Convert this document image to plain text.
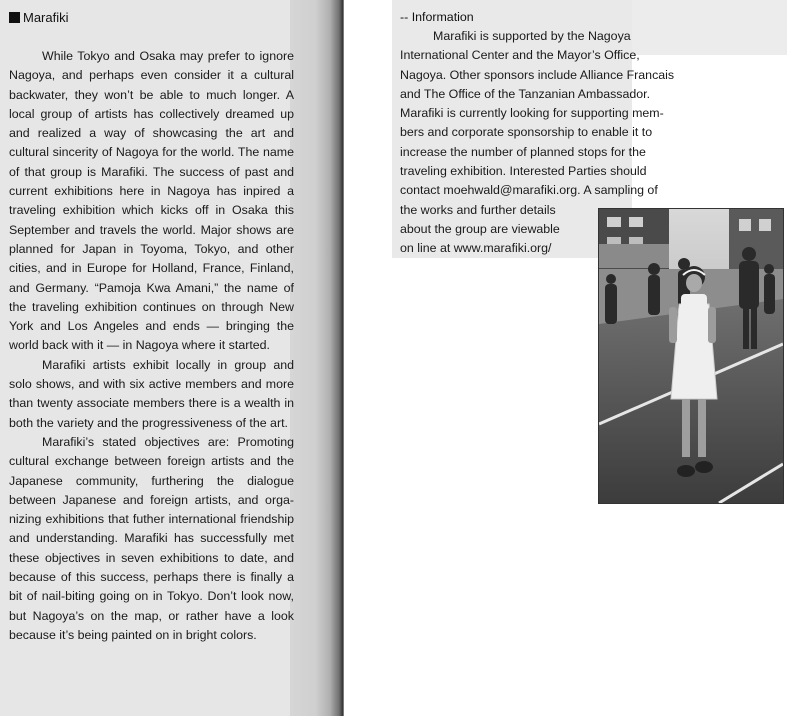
Marafiki

While Tokyo and Osaka may prefer to ignore Nagoya, and perhaps even consider it a cultural backwater, they won’t be able to much longer. A local group of artists has collectively dreamed up and realized a way of showcasing the art and cultural sincerity of Nagoya for the world. The name of that group is Marafiki. The success of past and current exhibitions here in Nagoya has inpired a traveling exhibition which kicks off in Osaka this September and travels the world. Major shows are planned for Japan in Toyoma, Tokyo, and other cities, and in Europe for Holland, France, Finland, and Germany. “Pamoja Kwa Amani,” the name of the traveling exhibition continues on through New York and Los Angeles and ends — bringing the world back with it — in Nagoya where it started.

Marafiki artists exhibit locally in group and solo shows, and with six active members and more than twenty associate members there is a wealth in both the variety and the progressiveness of the art.

Marafiki’s stated objectives are: Promoting cultural exchange between foreign artists and the Japanese community, furthering the dialogue between Japanese and foreign artists, and organizing exhibitions that futher international friendship and understanding. Marafiki has successfully met these objectives in seven exhibitions to date, and because of this success, perhaps there is finally a bit of nail-biting going on in Tokyo. Don’t look now, but Nagoya’s on the map, or rather have a look because it’s being painted on in bright colors.

-- Information
Marafiki is supported by the Nagoya
International Center and the Mayor’s Office,
Nagoya. Other sponsors include Alliance Francais
and The Office of the Tanzanian Ambassador.
Marafiki is currently looking for supporting mem-
bers and corporate sponsorship to enable it to
increase the number of planned stops for the
traveling exhibition. Interested Parties should
contact moehwald@marafiki.org. A sampling of
the works and further details
about the group are viewable
on line at www.marafiki.org/
